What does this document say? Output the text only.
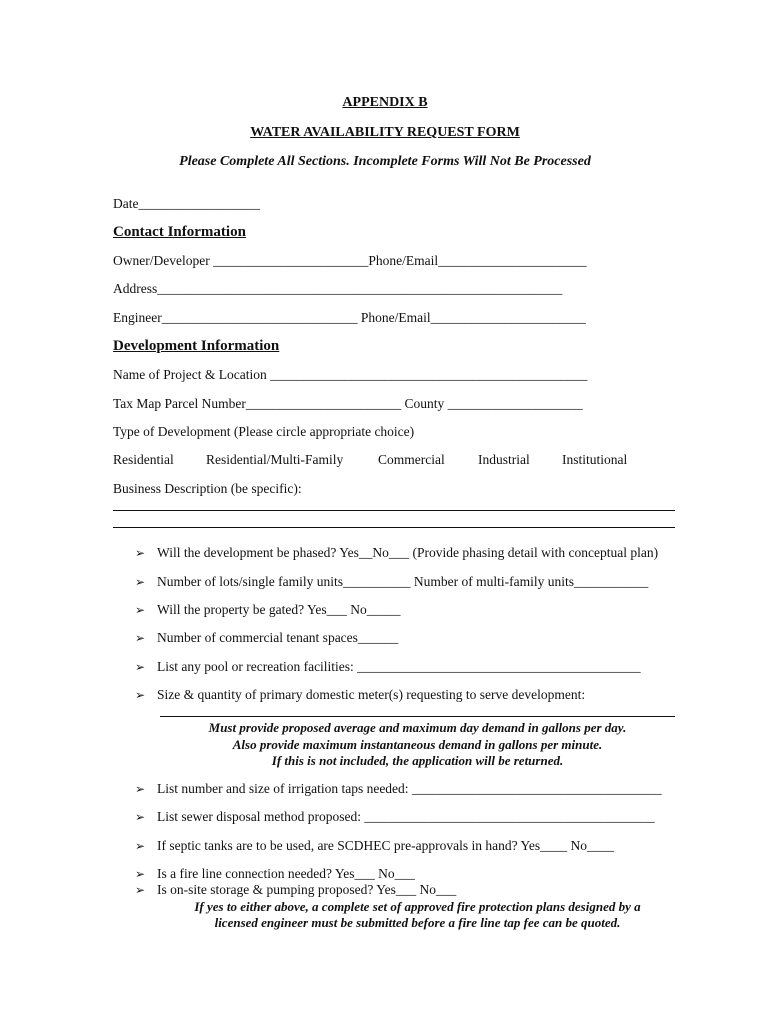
APPENDIX B
WATER AVAILABILITY REQUEST FORM
Please Complete All Sections. Incomplete Forms Will Not Be Processed
Date__________________
Contact Information
Owner/Developer _______________________Phone/Email______________________
Address____________________________________________________________
Engineer_____________________________ Phone/Email_______________________
Development Information
Name of Project & Location _______________________________________________
Tax Map Parcel Number_______________________ County ____________________
Type of Development (Please circle appropriate choice)
Residential Residential/Multi-Family	Commercial Industrial Institutional
Business Description (be specific):
➢ Will the development be phased? Yes__No___ (Provide phasing detail with conceptual plan)
➢ Number of lots/single family units__________ Number of multi-family units___________
➢ Will the property be gated? Yes___ No_____
➢ Number of commercial tenant spaces______
➢ List any pool or recreation facilities: __________________________________________
➢ Size & quantity of primary domestic meter(s) requesting to serve development:
Must provide proposed average and maximum day demand in gallons per day.
Also provide maximum instantaneous demand in gallons per minute.
If this is not included, the application will be returned.
➢ List number and size of irrigation taps needed: _____________________________________
➢ List sewer disposal method proposed: ___________________________________________
➢ If septic tanks are to be used, are SCDHEC pre-approvals in hand? Yes____ No____
➢ Is a fire line connection needed? Yes___ No___
➢ Is on-site storage & pumping proposed? Yes___ No___
If yes to either above, a complete set of approved fire protection plans designed by a
licensed engineer must be submitted before a fire line tap fee can be quoted.
